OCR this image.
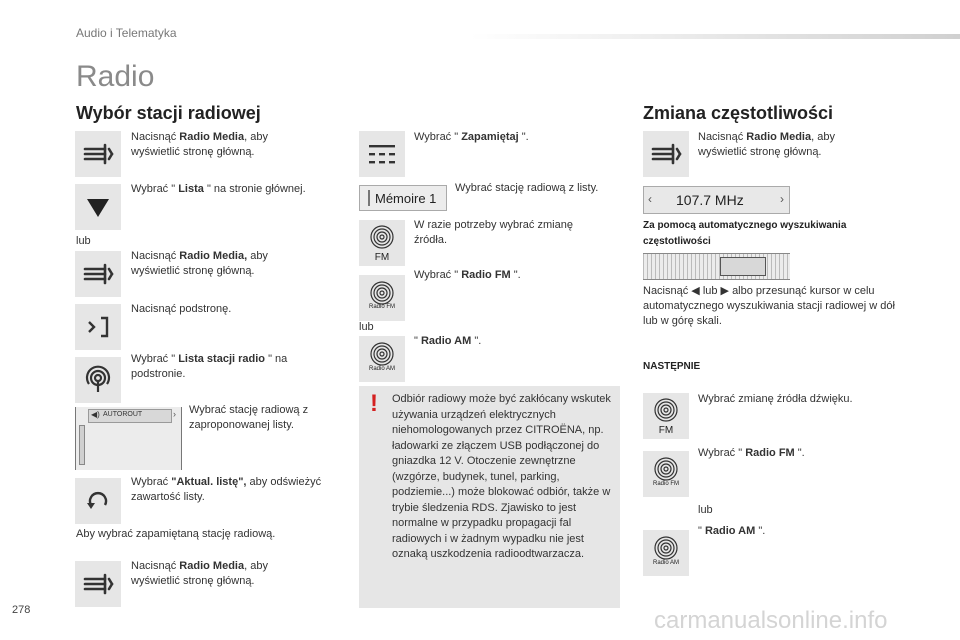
Audio i Telematyka
Radio
Wybór stacji radiowej
Nacisnąć Radio Media, aby wyświetlić stronę główną.
Wybrać " Lista " na stronie głównej.
lub
Nacisnąć Radio Media, aby wyświetlić stronę główną.
Nacisnąć podstronę.
Wybrać " Lista stacji radio " na podstronie.
◀) AUTOROUT	› Wybrać stację radiową z zaproponowanej listy.
Wybrać "Aktual. listę", aby odświeżyć zawartość listy.
Aby wybrać zapamiętaną stację radiową.
Nacisnąć Radio Media, aby wyświetlić stronę główną.
Wybrać " Zapamiętaj ".
Mémoire 1
Wybrać stację radiową z listy.
FM
W razie potrzeby wybrać zmianę źródła.
Radio FM
Wybrać " Radio FM ".
lub
Radio AM
" Radio AM ".
! Odbiór radiowy może być zakłócany wskutek używania urządzeń elektrycznych niehomologowanych przez CITROËNA, np. ładowarki ze złączem USB podłączonej do gniazdka 12 V. Otoczenie zewnętrzne (wzgórze, budynek, tunel, parking, podziemie...) może blokować odbiór, także w trybie śledzenia RDS. Zjawisko to jest normalne w przypadku propagacji fal radiowych i w żadnym wypadku nie jest oznaką uszkodzenia radioodtwarzacza.
Zmiana częstotliwości
Nacisnąć Radio Media, aby wyświetlić stronę główną.
‹ 107.7 MHz	›
Za pomocą automatycznego wyszukiwania częstotliwości
Nacisnąć ◀ lub ▶ albo przesunąć kursor w celu automatycznego wyszukiwania stacji radiowej w dół lub w górę skali.
NASTĘPNIE
FM
Wybrać zmianę źródła dźwięku.
Radio FM
Wybrać " Radio FM ".
lub
Radio AM
" Radio AM ".
278	carmanualsonline.info
